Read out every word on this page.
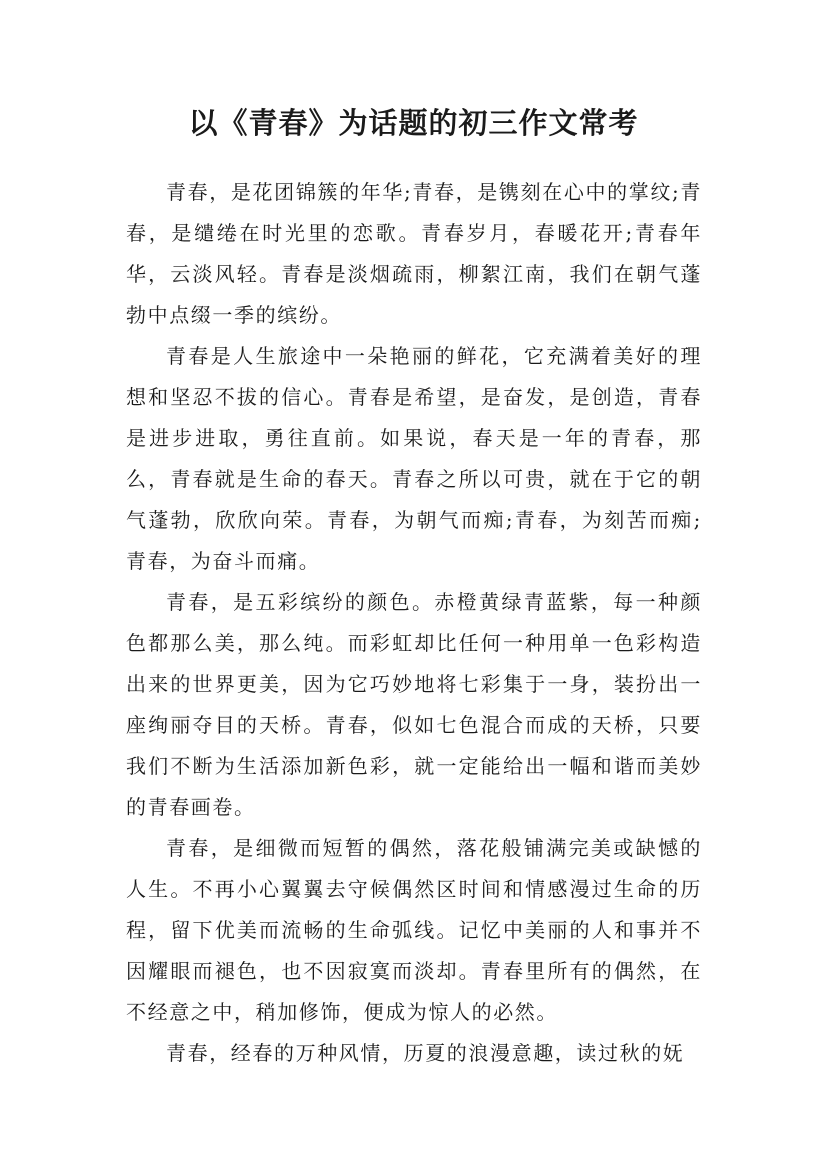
以《青春》为话题的初三作文常考

青春，是花团锦簇的年华;青春，是镌刻在心中的掌纹;青春，是缱绻在时光里的恋歌。青春岁月，春暖花开;青春年华，云淡风轻。青春是淡烟疏雨，柳絮江南，我们在朝气蓬勃中点缀一季的缤纷。

青春是人生旅途中一朵艳丽的鲜花，它充满着美好的理想和坚忍不拔的信心。青春是希望，是奋发，是创造，青春是进步进取，勇往直前。如果说，春天是一年的青春，那么，青春就是生命的春天。青春之所以可贵，就在于它的朝气蓬勃，欣欣向荣。青春，为朝气而痴;青春，为刻苦而痴;青春，为奋斗而痛。

青春，是五彩缤纷的颜色。赤橙黄绿青蓝紫，每一种颜色都那么美，那么纯。而彩虹却比任何一种用单一色彩构造出来的世界更美，因为它巧妙地将七彩集于一身，装扮出一座绚丽夺目的天桥。青春，似如七色混合而成的天桥，只要我们不断为生活添加新色彩，就一定能给出一幅和谐而美妙的青春画卷。

青春，是细微而短暂的偶然，落花般铺满完美或缺憾的人生。不再小心翼翼去守候偶然区时间和情感漫过生命的历程，留下优美而流畅的生命弧线。记忆中美丽的人和事并不因耀眼而褪色，也不因寂寞而淡却。青春里所有的偶然，在不经意之中，稍加修饰，便成为惊人的必然。

青春，经春的万种风情，历夏的浪漫意趣，读过秋的妩
